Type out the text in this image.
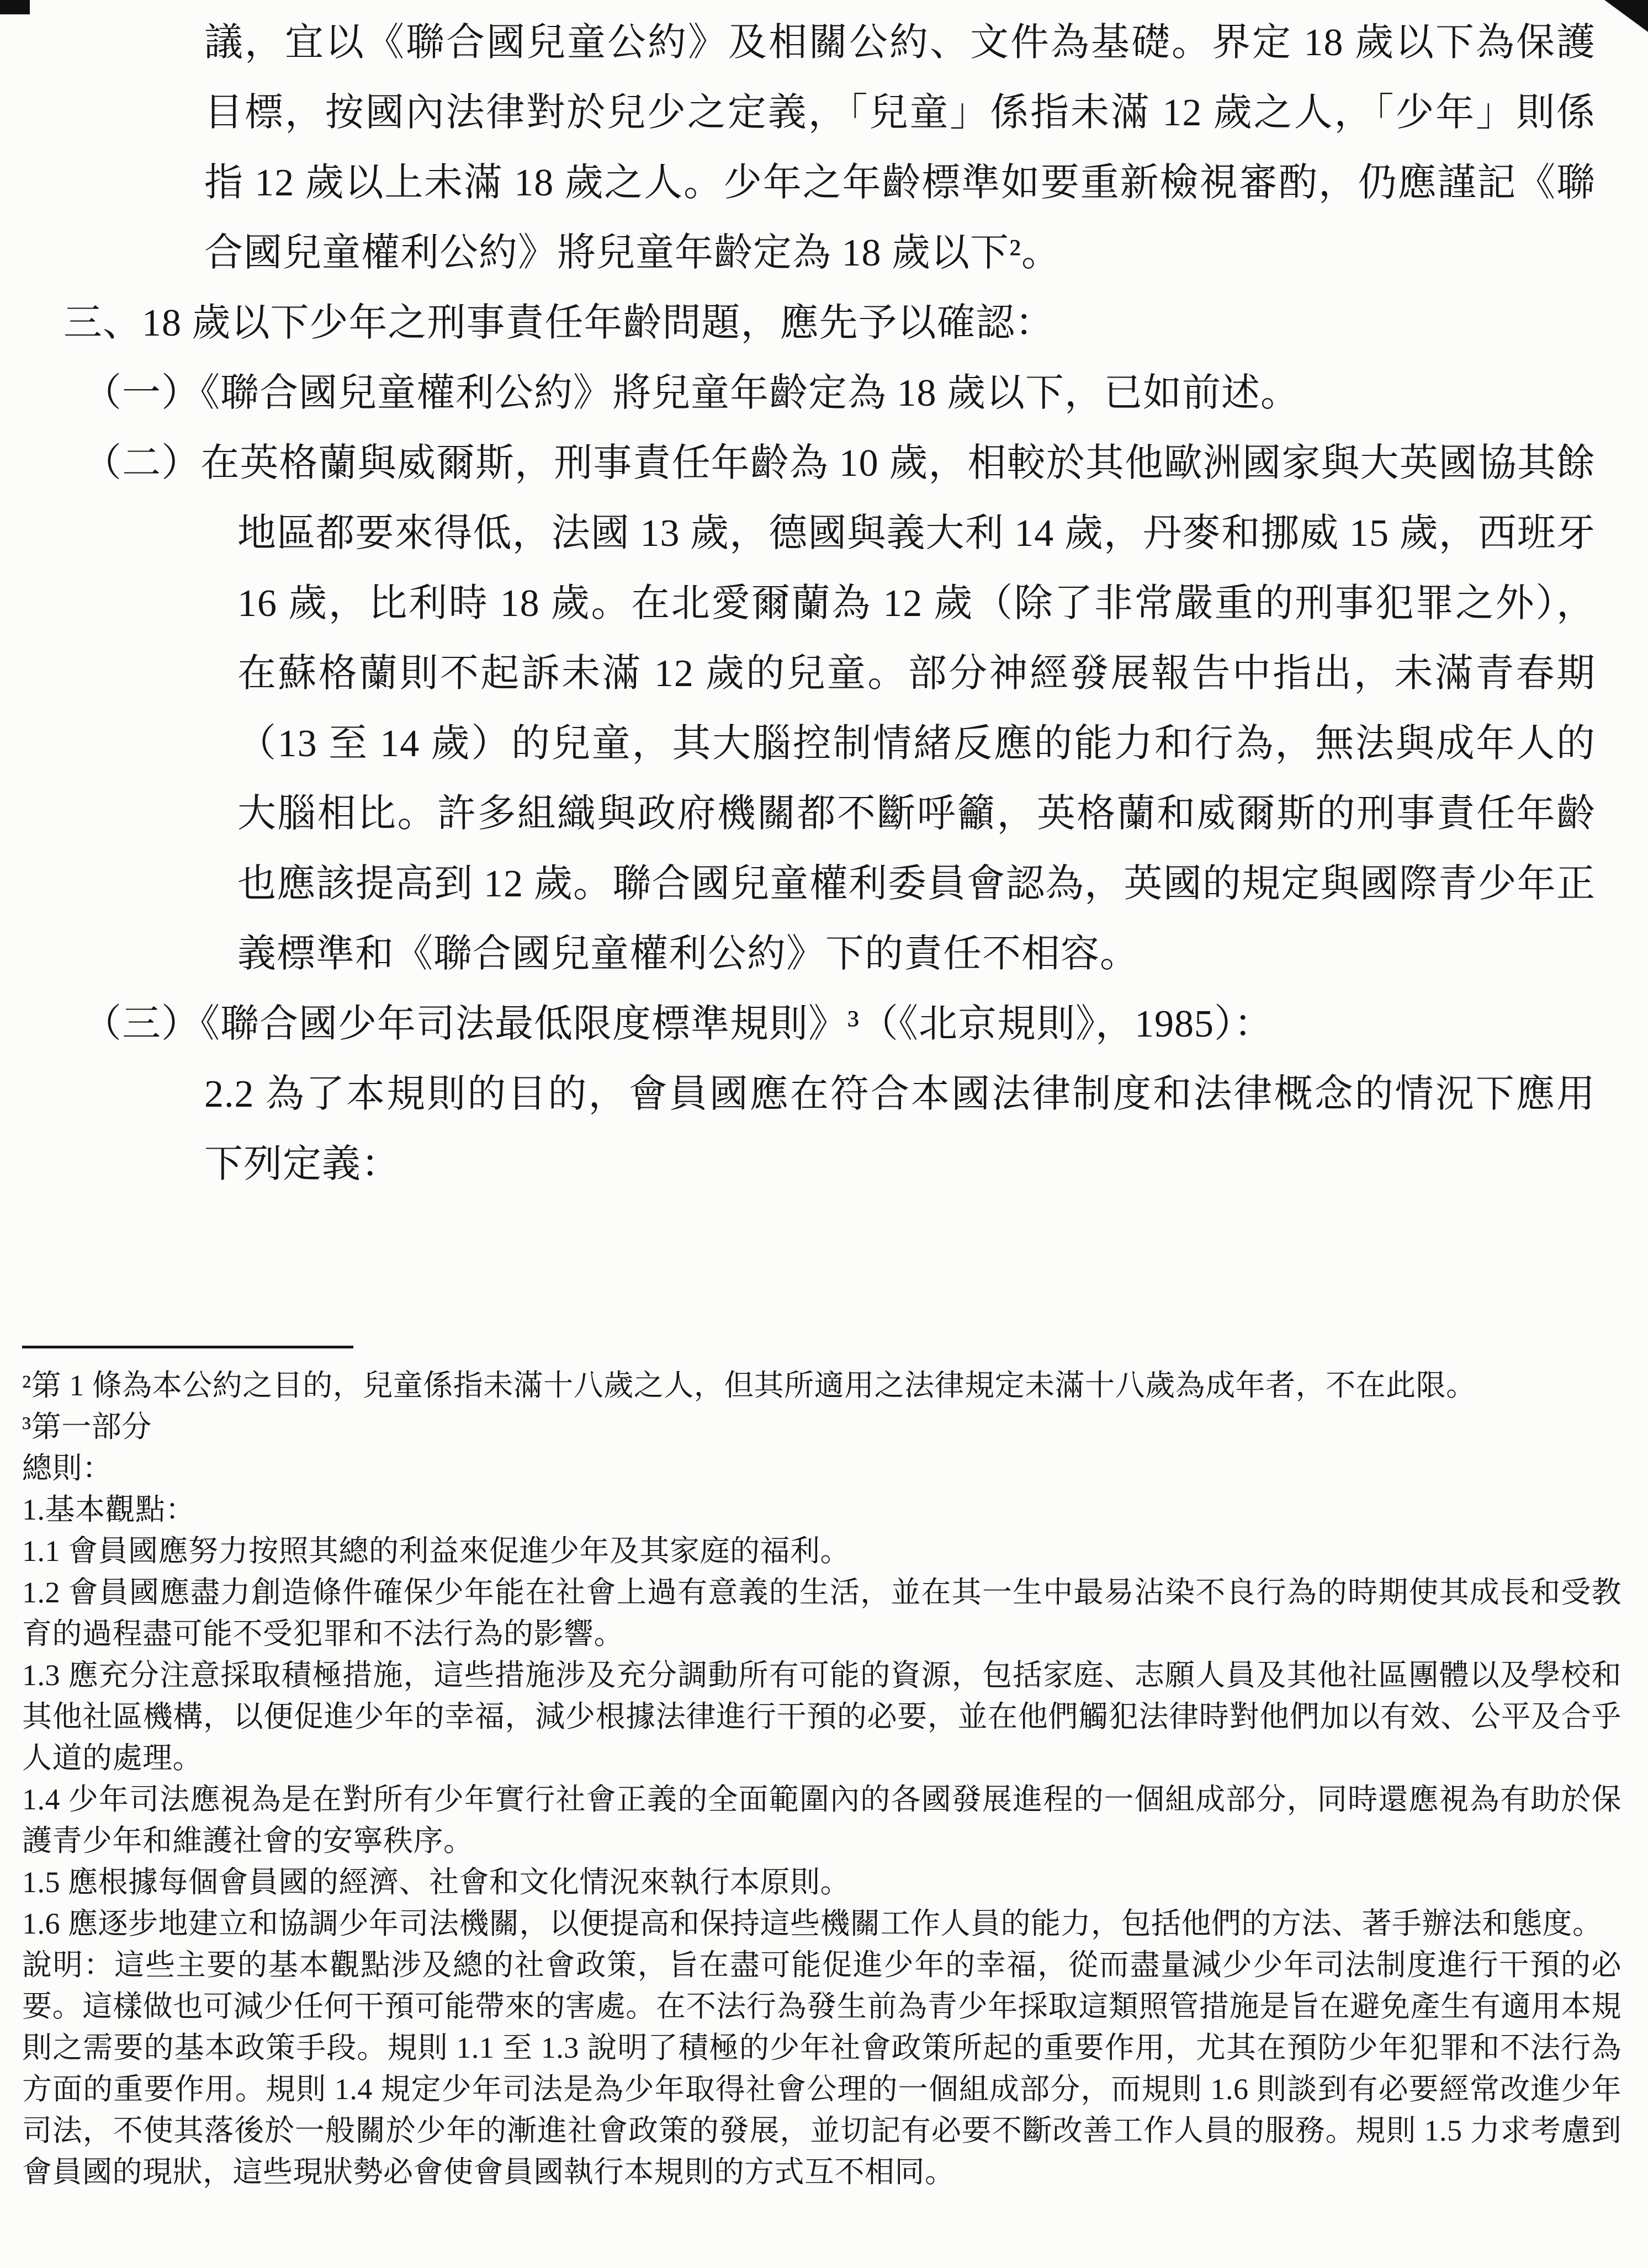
議，宜以《聯合國兒童公約》及相關公約、文件為基礎。界定 18 歲以下為保護目標，按國內法律對於兒少之定義，「兒童」係指未滿 12 歲之人，「少年」則係指 12 歲以上未滿 18 歲之人。少年之年齡標準如要重新檢視審酌，仍應謹記《聯合國兒童權利公約》將兒童年齡定為 18 歲以下²。

三、18 歲以下少年之刑事責任年齡問題，應先予以確認：

（一）《聯合國兒童權利公約》將兒童年齡定為 18 歲以下，已如前述。

（二）在英格蘭與威爾斯，刑事責任年齡為 10 歲，相較於其他歐洲國家與大英國協其餘地區都要來得低，法國 13 歲，德國與義大利 14 歲，丹麥和挪威 15 歲，西班牙 16 歲，比利時 18 歲。在北愛爾蘭為 12 歲（除了非常嚴重的刑事犯罪之外），在蘇格蘭則不起訴未滿 12 歲的兒童。部分神經發展報告中指出，未滿青春期（13 至 14 歲）的兒童，其大腦控制情緒反應的能力和行為，無法與成年人的大腦相比。許多組織與政府機關都不斷呼籲，英格蘭和威爾斯的刑事責任年齡也應該提高到 12 歲。聯合國兒童權利委員會認為，英國的規定與國際青少年正義標準和《聯合國兒童權利公約》下的責任不相容。

（三）《聯合國少年司法最低限度標準規則》³（《北京規則》，1985）：

2.2 為了本規則的目的，會員國應在符合本國法律制度和法律概念的情況下應用下列定義：

²第 1 條為本公約之目的，兒童係指未滿十八歲之人，但其所適用之法律規定未滿十八歲為成年者，不在此限。

³第一部分

總則：

1.基本觀點：

1.1 會員國應努力按照其總的利益來促進少年及其家庭的福利。

1.2 會員國應盡力創造條件確保少年能在社會上過有意義的生活，並在其一生中最易沾染不良行為的時期使其成長和受教育的過程盡可能不受犯罪和不法行為的影響。

1.3 應充分注意採取積極措施，這些措施涉及充分調動所有可能的資源，包括家庭、志願人員及其他社區團體以及學校和其他社區機構，以便促進少年的幸福，減少根據法律進行干預的必要，並在他們觸犯法律時對他們加以有效、公平及合乎人道的處理。

1.4 少年司法應視為是在對所有少年實行社會正義的全面範圍內的各國發展進程的一個組成部分，同時還應視為有助於保護青少年和維護社會的安寧秩序。

1.5 應根據每個會員國的經濟、社會和文化情況來執行本原則。

1.6 應逐步地建立和協調少年司法機關，以便提高和保持這些機關工作人員的能力，包括他們的方法、著手辦法和態度。

說明：這些主要的基本觀點涉及總的社會政策，旨在盡可能促進少年的幸福，從而盡量減少少年司法制度進行干預的必要。這樣做也可減少任何干預可能帶來的害處。在不法行為發生前為青少年採取這類照管措施是旨在避免產生有適用本規則之需要的基本政策手段。規則 1.1 至 1.3 說明了積極的少年社會政策所起的重要作用，尤其在預防少年犯罪和不法行為方面的重要作用。規則 1.4 規定少年司法是為少年取得社會公理的一個組成部分，而規則 1.6 則談到有必要經常改進少年司法，不使其落後於一般關於少年的漸進社會政策的發展，並切記有必要不斷改善工作人員的服務。規則 1.5 力求考慮到會員國的現狀，這些現狀勢必會使會員國執行本規則的方式互不相同。
